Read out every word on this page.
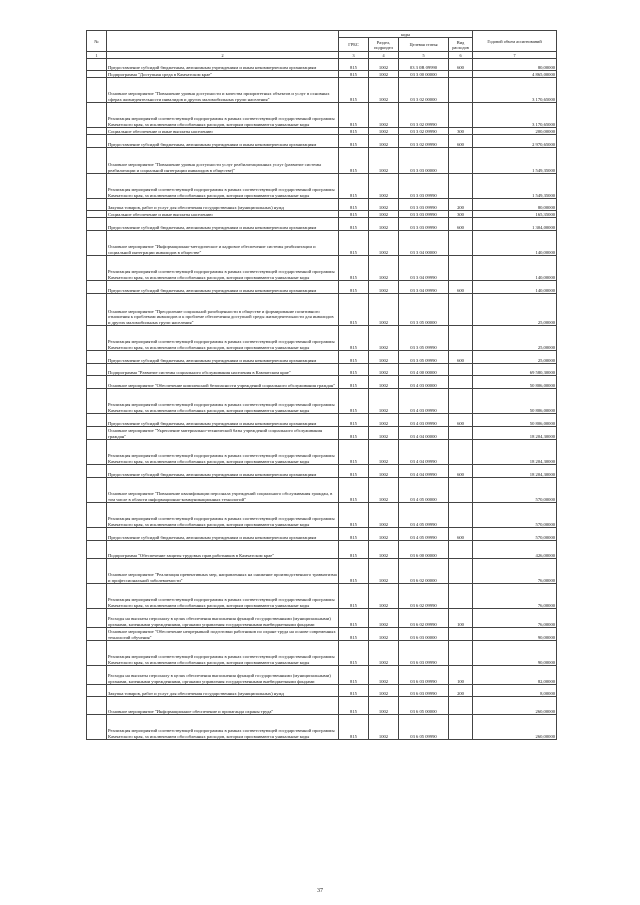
№		коды				Годовой объем ассигнований
		ГРБС	Раздел, подраздел	Целевая статья	Вид расходов	
1	2	3	4	5	6	7
	Предоставление субсидий бюджетным, автономным учреждениям и иным некоммерческим организациям	815	1002	03 3 0В 09990	600	80,00000
	Подпрограмма "Доступная среда в Камчатском крае"	815	1002	03 3 00 00000		4 865,00000
	Основное мероприятие "Повышение уровня доступности и качества приоритетных объектов и услуг в основных сферах жизнедеятельности инвалидов и других маломобильных групп населения"	815	1002	03 3 02 00000		3 170,65000
	Реализация мероприятий соответствующей подпрограммы в рамках соответствующей государственной программы Камчатского края, за исключением обособленных расходов, которым присваиваются уникальные коды	815	1002	03 3 02 09990		3 170,65000
	Социальное обеспечение и иные выплаты населению	815	1002	03 3 02 09990	300	200,00000
	Предоставление субсидий бюджетным, автономным учреждениям и иным некоммерческим организациям	815	1002	03 3 02 09990	600	2 970,65000
	Основное мероприятие "Повышение уровня доступности услуг реабилитационных услуг (развитие системы реабилитации и социальной интеграции инвалидов в обществе)"	815	1002	03 3 03 00000		1 549,35000
	Реализация мероприятий соответствующей подпрограммы в рамках соответствующей государственной программы Камчатского края, за исключением обособленных расходов, которым присваиваются уникальные коды	815	1002	03 3 03 09990		1 549,35000
	Закупка товаров, работ и услуг для обеспечения государственных (муниципальных) нужд	815	1002	03 3 03 09990	200	80,00000
	Социальное обеспечение и иные выплаты населению	815	1002	03 3 03 09990	300	165,35000
	Предоставление субсидий бюджетным, автономным учреждениям и иным некоммерческим организациям	815	1002	03 3 03 09990	600	1 304,00000
	Основное мероприятие "Информационно-методическое и кадровое обеспечение системы реабилитации и социальной интеграции инвалидов в обществе"	815	1002	03 3 04 00000		140,00000
	Реализация мероприятий соответствующей подпрограммы в рамках соответствующей государственной программы Камчатского края, за исключением обособленных расходов, которым присваиваются уникальные коды	815	1002	03 3 04 09990		140,00000
	Предоставление субсидий бюджетным, автономным учреждениям и иным некоммерческим организациям	815	1002	03 3 04 09990	600	140,00000
	Основное мероприятие "Преодоление социальной разобщенности в обществе и формирование позитивного отношения к проблемам инвалидов и к проблеме обеспечения доступной среды жизнедеятельности для инвалидов и других маломобильных групп населения"	815	1002	03 3 05 00000		25,00000
	Реализация мероприятий соответствующей подпрограммы в рамках соответствующей государственной программы Камчатского края, за исключением обособленных расходов, которым присваиваются уникальные коды	815	1002	03 3 05 09990		25,00000
	Предоставление субсидий бюджетным, автономным учреждениям и иным некоммерческим организациям	815	1002	03 3 05 09990	600	25,00000
	Подпрограмма "Развитие системы социального обслуживания населения в Камчатском крае"	815	1002	03 4 00 00000		69 580,30000
	Основное мероприятие "Обеспечение комплексной безопасности учреждений социального обслуживания граждан"	815	1002	03 4 03 00000		50 806,00000
	Реализация мероприятий соответствующей подпрограммы в рамках соответствующей государственной программы Камчатского края, за исключением обособленных расходов, которым присваиваются уникальные коды	815	1002	03 4 03 09990		50 806,00000
	Предоставление субсидий бюджетным, автономным учреждениям и иным некоммерческим организациям	815	1002	03 4 03 09990	600	50 806,00000
	Основное мероприятие "Укрепление материально-технической базы учреждений социального обслуживания граждан"	815	1002	03 4 04 00000		18 204,30000
	Реализация мероприятий соответствующей подпрограммы в рамках соответствующей государственной программы Камчатского края, за исключением обособленных расходов, которым присваиваются уникальные коды	815	1002	03 4 04 09990		18 204,30000
	Предоставление субсидий бюджетным, автономным учреждениям и иным некоммерческим организациям	815	1002	03 4 04 09990	600	18 204,30000
	Основное мероприятие "Повышение квалификации персонала учреждений социального обслуживания граждан, в том числе в области информационно-коммуникационных технологий"	815	1002	03 4 05 00000		570,00000
	Реализация мероприятий соответствующей подпрограммы в рамках соответствующей государственной программы Камчатского края, за исключением обособленных расходов, которым присваиваются уникальные коды	815	1002	03 4 05 09990		570,00000
	Предоставление субсидий бюджетным, автономным учреждениям и иным некоммерческим организациям	815	1002	03 4 05 09990	600	570,00000
	Подпрограмма "Обеспечение защиты трудовых прав работников в Камчатском крае"	815	1002	03 6 00 00000		426,00000
	Основное мероприятие "Реализация превентивных мер, направленных на снижение производственного травматизма и профессиональной заболеваемости"	815	1002	03 6 02 00000		76,00000
	Реализация мероприятий соответствующей подпрограммы в рамках соответствующей государственной программы Камчатского края, за исключением обособленных расходов, которым присваиваются уникальные коды	815	1002	03 6 02 09990		76,00000
	Расходы на выплаты персоналу в целях обеспечения выполнения функций государственными (муниципальными) органами, казенными учреждениями, органами управления государственными внебюджетными фондами	815	1002	03 6 02 09990	100	76,00000
	Основное мероприятие "Обеспечение непрерывной подготовки работников по охране труда на основе современных технологий обучения"	815	1002	03 6 03 00000		90,00000
	Реализация мероприятий соответствующей подпрограммы в рамках соответствующей государственной программы Камчатского края, за исключением обособленных расходов, которым присваиваются уникальные коды	815	1002	03 6 03 09990		90,00000
	Расходы на выплаты персоналу в целях обеспечения выполнения функций государственными (муниципальными) органами, казенными учреждениями, органами управления государственными внебюджетными фондами	815	1002	03 6 03 09990	100	82,00000
	Закупка товаров, работ и услуг для обеспечения государственных (муниципальных) нужд	815	1002	03 6 03 09990	200	8,00000
	Основное мероприятие "Информационное обеспечение и пропаганда охраны труда"	815	1002	03 6 05 00000		260,00000
	Реализация мероприятий соответствующей подпрограммы в рамках соответствующей государственной программы Камчатского края, за исключением обособленных расходов, которым присваиваются уникальные коды	815	1002	03 6 05 09990		260,00000
37
